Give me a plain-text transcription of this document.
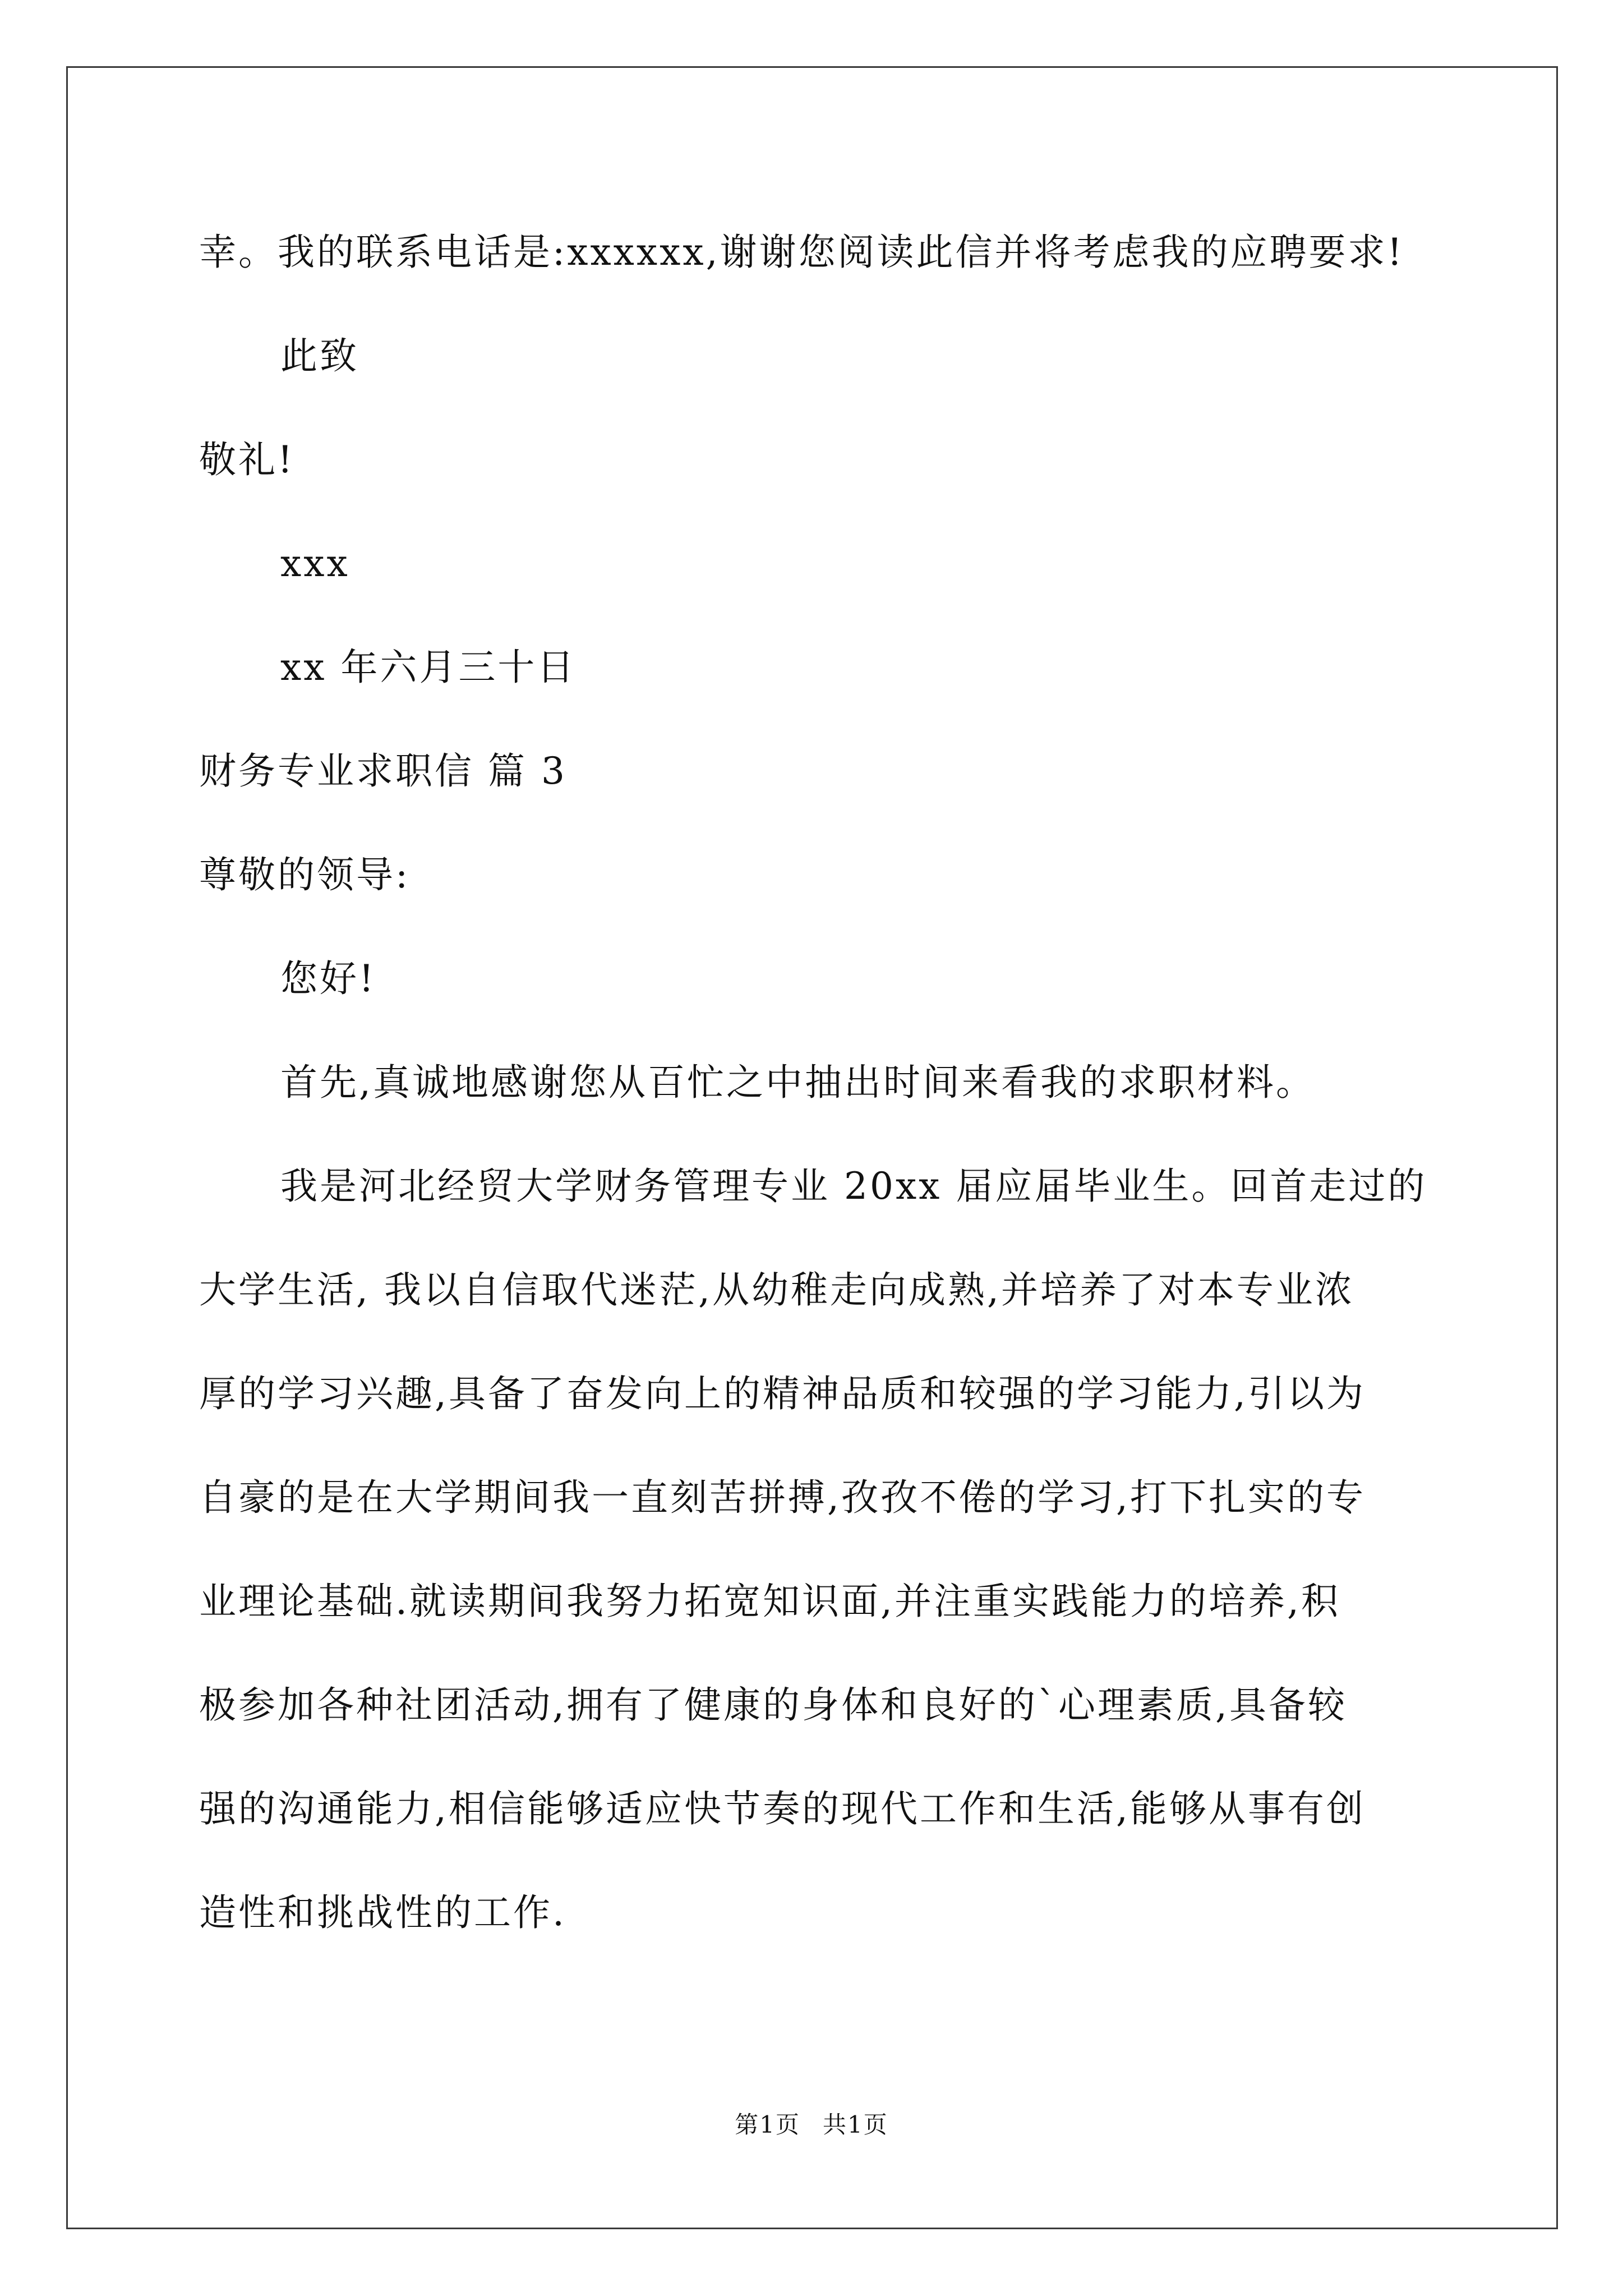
幸。我的联系电话是:xxxxxx,谢谢您阅读此信并将考虑我的应聘要求!
此致
敬礼!
xxx
xx 年六月三十日
财务专业求职信 篇 3
尊敬的领导:
您好!
首先,真诚地感谢您从百忙之中抽出时间来看我的求职材料。
我是河北经贸大学财务管理专业 20xx 届应届毕业生。回首走过的
大学生活, 我以自信取代迷茫,从幼稚走向成熟,并培养了对本专业浓
厚的学习兴趣,具备了奋发向上的精神品质和较强的学习能力,引以为
自豪的是在大学期间我一直刻苦拼搏,孜孜不倦的学习,打下扎实的专
业理论基础.就读期间我努力拓宽知识面,并注重实践能力的培养,积
极参加各种社团活动,拥有了健康的身体和良好的`心理素质,具备较
强的沟通能力,相信能够适应快节奏的现代工作和生活,能够从事有创
造性和挑战性的工作.
第1页 共1页
